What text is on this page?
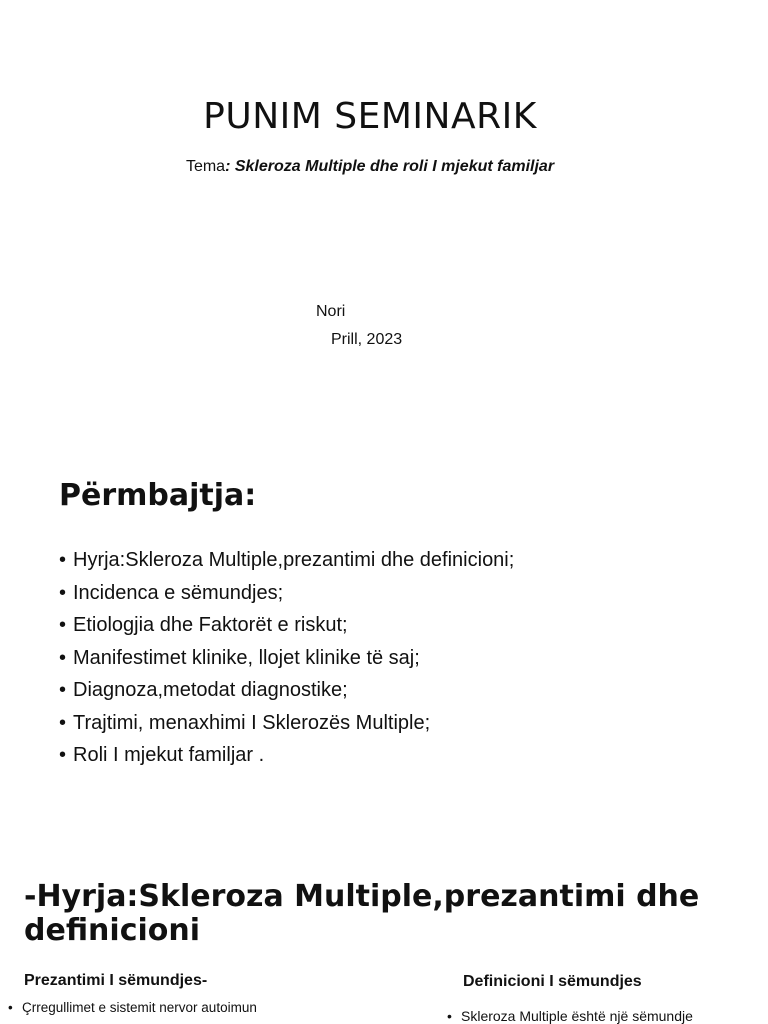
PUNIM SEMINARIK
Tema: Skleroza Multiple dhe roli I mjekut familjar
Nori
Prill, 2023
Përmbajtja:
• Hyrja:Skleroza Multiple,prezantimi dhe definicioni;
• Incidenca e sëmundjes;
• Etiologjia dhe Faktorët e riskut;
• Manifestimet klinike, llojet klinike të saj;
• Diagnoza,metodat diagnostike;
• Trajtimi, menaxhimi I Sklerozës Multiple;
• Roli I mjekut familjar .
-Hyrja:Skleroza Multiple,prezantimi dhe definicioni
Prezantimi I sëmundjes-
• Çrregullimet e sistemit nervor autoimun
Definicioni I sëmundjes
• Skleroza Multiple është një sëmundje
